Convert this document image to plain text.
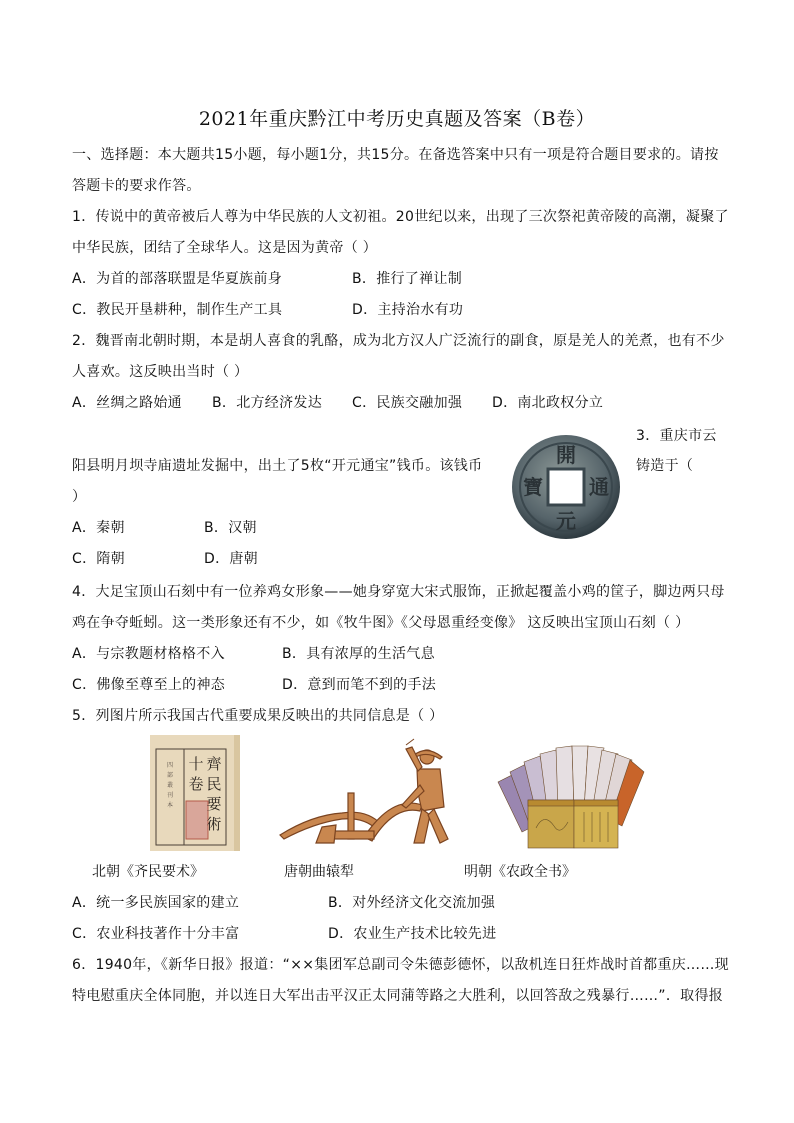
2021年重庆黔江中考历史真题及答案（B卷）
一、选择题：本大题共15小题，每小题1分，共15分。在备选答案中只有一项是符合题目要求的。请按
答题卡的要求作答。
1．传说中的黄帝被后人尊为中华民族的人文初祖。20世纪以来，出现了三次祭祀黄帝陵的高潮，凝聚了
中华民族，团结了全球华人。这是因为黄帝（ ）
A．为首的部落联盟是华夏族前身	B．推行了禅让制
C．教民开垦耕种，制作生产工具	D．主持治水有功
2．魏晋南北朝时期，本是胡人喜食的乳酪，成为北方汉人广泛流行的副食，原是羌人的羌煮，也有不少
人喜欢。这反映出当时（ ）
A．丝绸之路始通 B．北方经济发达 C．民族交融加强 D．南北政权分立
3．重庆市云
阳县明月坝寺庙遗址发掘中，出土了5枚“开元通宝”钱币。该钱币	铸造于（
）
開
元
通
寶
A．秦朝	B．汉朝
C．隋朝	D．唐朝
4．大足宝顶山石刻中有一位养鸡女形象——她身穿宽大宋式服饰，正掀起覆盖小鸡的筐子，脚边两只母
鸡在争夺蚯蚓。这一类形象还有不少，如《牧牛图》《父母恩重经变像》 这反映出宝顶山石刻（ ）
A．与宗教题材格格不入	B．具有浓厚的生活气息
C．佛像至尊至上的神态	D．意到而笔不到的手法
5．列图片所示我国古代重要成果反映出的共同信息是（ ）
齊
民
要
術
十
卷
四
部
叢
刊
本
北朝《齐民要术》	唐朝曲辕犁	明朝《农政全书》
A．统一多民族国家的建立	B．对外经济文化交流加强
C．农业科技著作十分丰富	D．农业生产技术比较先进
6．1940年，《新华日报》报道：“××集团军总副司令朱德彭德怀，以敌机连日狂炸战时首都重庆……现
特电慰重庆全体同胞，并以连日大军出击平汉正太同蒲等路之大胜利，以回答敌之残暴行……”．取得报
